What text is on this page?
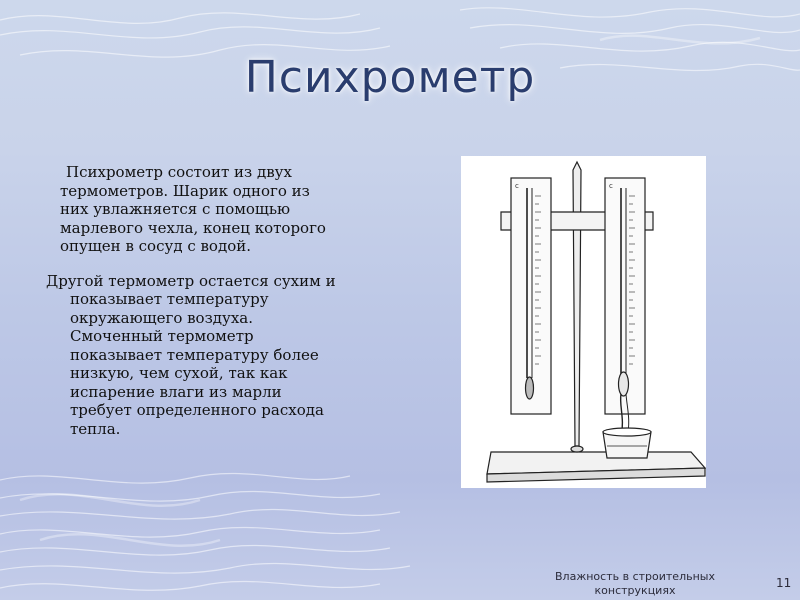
Психрометр
Психрометр состоит из двух
термометров. Шарик одного из
них увлажняется с помощью
марлевого чехла, конец которого
опущен в сосуд с водой.
Другой термометр остается сухим и
показывает температуру
окружающего воздуха.
Смоченный термометр
показывает температуру более
низкую, чем сухой, так как
испарение влаги из марли
требует определенного расхода
тепла.
c	c
Влажность в строительных
конструкциях
11
